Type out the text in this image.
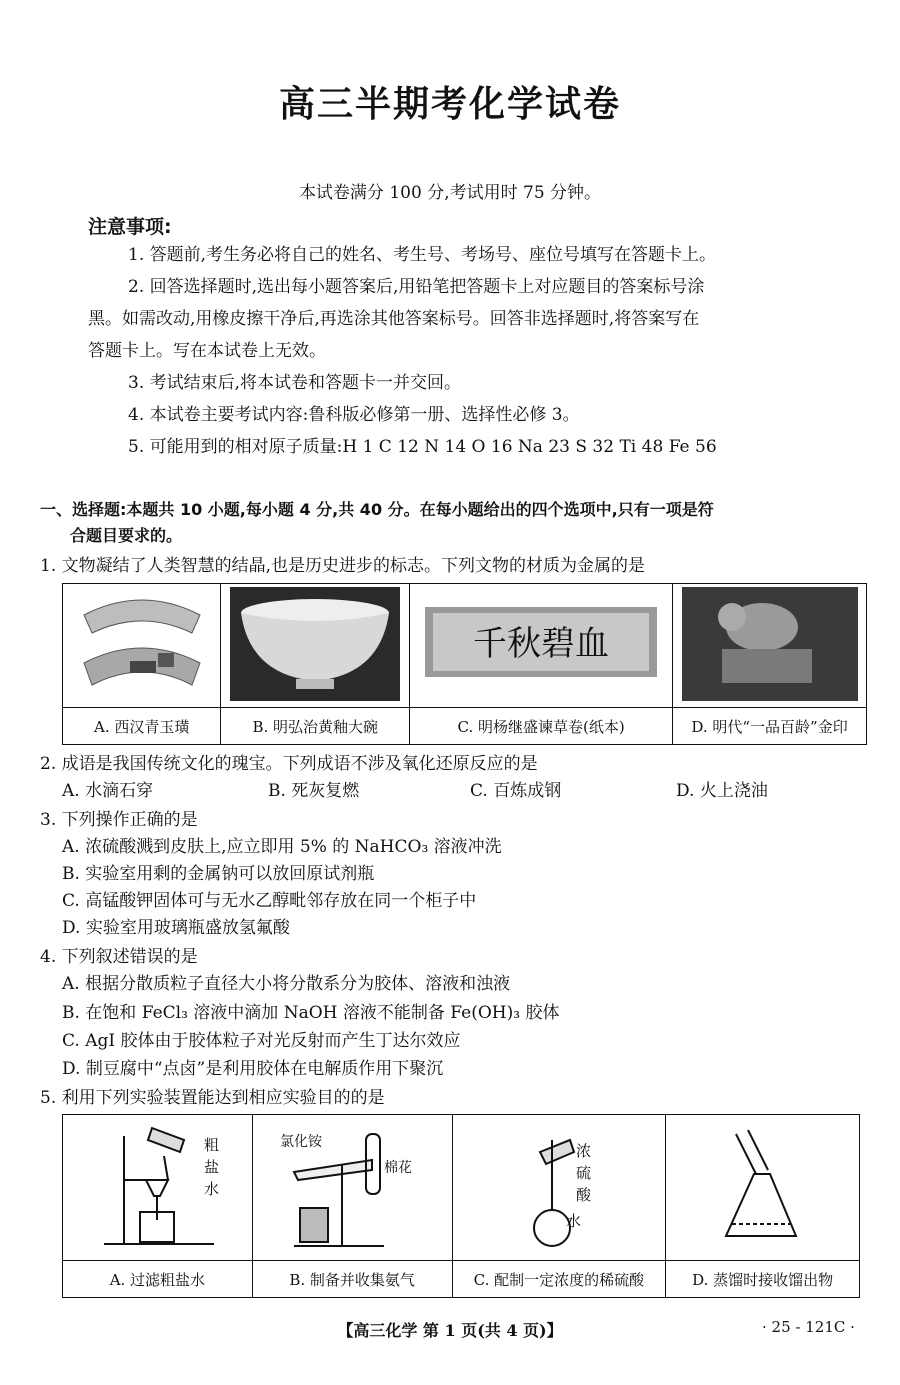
高三半期考化学试卷
本试卷满分 100 分,考试用时 75 分钟。
注意事项:
1. 答题前,考生务必将自己的姓名、考生号、考场号、座位号填写在答题卡上。
2. 回答选择题时,选出每小题答案后,用铅笔把答题卡上对应题目的答案标号涂
黑。如需改动,用橡皮擦干净后,再选涂其他答案标号。回答非选择题时,将答案写在
答题卡上。写在本试卷上无效。
3. 考试结束后,将本试卷和答题卡一并交回。
4. 本试卷主要考试内容:鲁科版必修第一册、选择性必修 3。
5. 可能用到的相对原子质量:H 1 C 12 N 14 O 16 Na 23 S 32 Ti 48 Fe 56
一、选择题:本题共 10 小题,每小题 4 分,共 40 分。在每小题给出的四个选项中,只有一项是符
合题目要求的。
1. 文物凝结了人类智慧的结晶,也是历史进步的标志。下列文物的材质为金属的是

千秋碧血

A. 西汉青玉璜	B. 明弘治黄釉大碗	C. 明杨继盛谏草卷(纸本)	D. 明代“一品百龄”金印
2. 成语是我国传统文化的瑰宝。下列成语不涉及氧化还原反应的是
A. 水滴石穿	B. 死灰复燃	C. 百炼成钢	D. 火上浇油
3. 下列操作正确的是
A. 浓硫酸溅到皮肤上,应立即用 5% 的 NaHCO₃ 溶液冲洗
B. 实验室用剩的金属钠可以放回原试剂瓶
C. 高锰酸钾固体可与无水乙醇毗邻存放在同一个柜子中
D. 实验室用玻璃瓶盛放氢氟酸
4. 下列叙述错误的是
A. 根据分散质粒子直径大小将分散系分为胶体、溶液和浊液
B. 在饱和 FeCl₃ 溶液中滴加 NaOH 溶液不能制备 Fe(OH)₃ 胶体
C. AgI 胶体由于胶体粒子对光反射而产生丁达尔效应
D. 制豆腐中“点卤”是利用胶体在电解质作用下聚沉
5. 利用下列实验装置能达到相应实验目的的是
粗
盐
水	氯化铵
棉花	浓
硫
酸
水

A. 过滤粗盐水	B. 制备并收集氨气	C. 配制一定浓度的稀硫酸	D. 蒸馏时接收馏出物
【高三化学 第 1 页(共 4 页)】	· 25 - 121C ·
